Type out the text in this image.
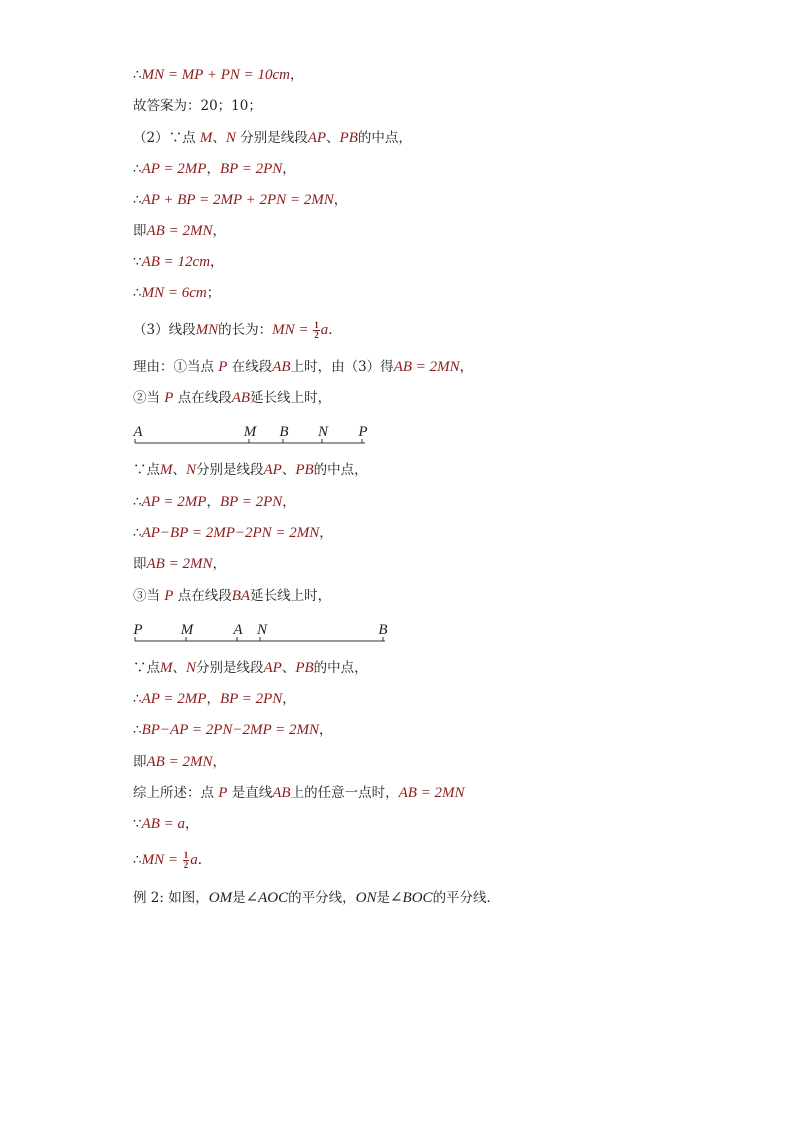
∴ MN = MP + PN = 10cm ，
故答案为：20；10；
（2）∵点 M 、 N 分别是线段 AP 、 PB 的中点，
∴ AP = 2MP ， BP = 2PN ，
∴ AP + BP = 2MP + 2PN = 2MN ，
即 AB = 2MN ，
∵ AB = 12cm ，
∴ MN = 6cm ；
（3）线段 MN 的长为： MN = $\frac{1}{2}$ a ．
理由：①当点 P 在线段 AB 上时，由（3）得 AB = 2MN ，
②当 P 点在线段 AB 延长线上时，
A	M B N P
∵点 M 、 N 分别是线段 AP 、 PB 的中点，
∴ AP = 2MP ， BP = 2PN ，
∴ AP−BP = 2MP−2PN = 2MN ，
即 AB = 2MN ，
③当 P 点在线段 BA 延长线上时，
P	M	A N	B
∵点 M 、 N 分别是线段 AP 、 PB 的中点，
∴ AP = 2MP ， BP = 2PN ，
∴ BP−AP = 2PN−2MP = 2MN ，
即 AB = 2MN ，
综上所述：点 P 是直线 AB 上的任意一点时， AB = 2MN
∵ AB = a ，
∴ MN = $\frac{1}{2}$ a ．
例 2: 如图， OM 是 ∠AOC 的平分线， ON 是 ∠BOC 的平分线．
